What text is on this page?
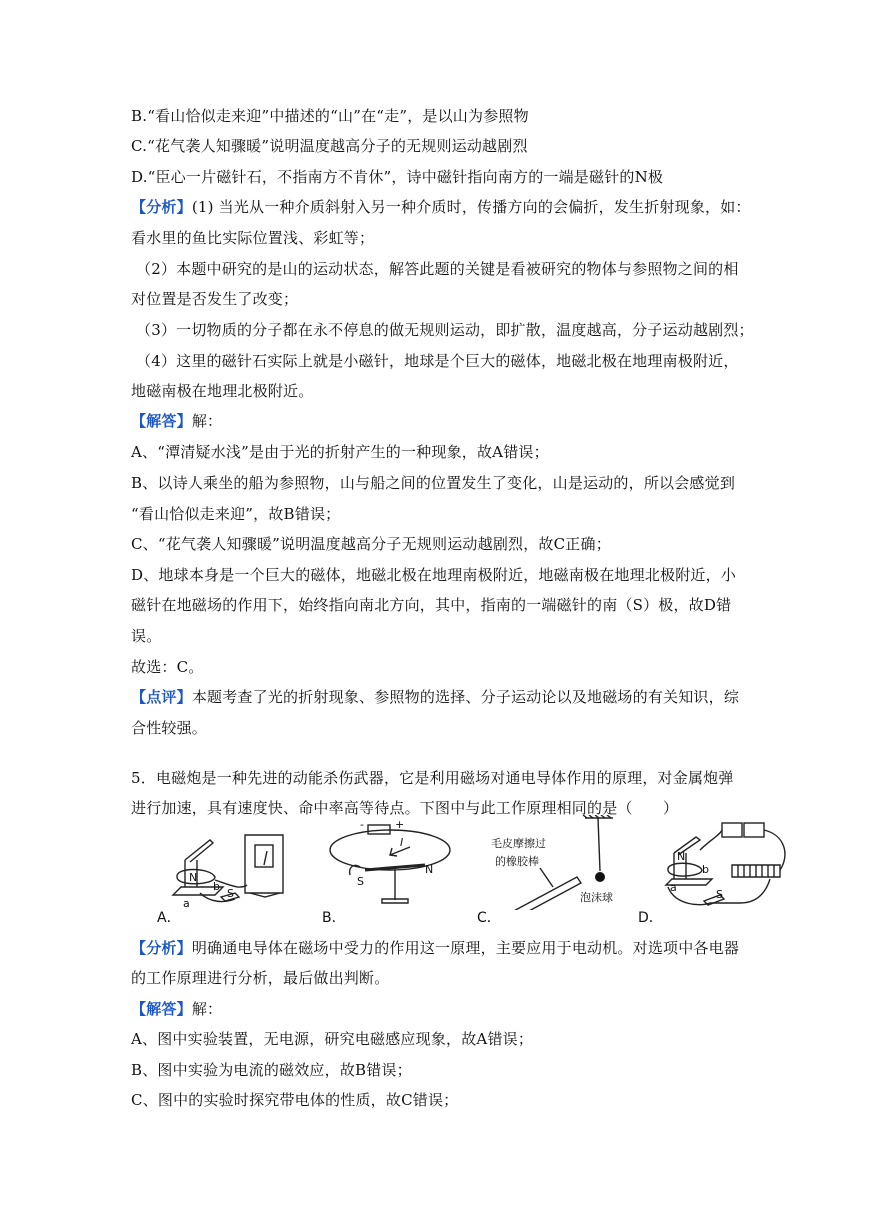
B.“看山恰似走来迎”中描述的“山”在“走”，是以山为参照物
C.“花气袭人知骤暖”说明温度越高分子的无规则运动越剧烈
D.“臣心一片磁针石，不指南方不肯休”，诗中磁针指向南方的一端是磁针的N极
【分析】(1) 当光从一种介质斜射入另一种介质时，传播方向的会偏折，发生折射现象，如：
看水里的鱼比实际位置浅、彩虹等；
（2）本题中研究的是山的运动状态，解答此题的关键是看被研究的物体与参照物之间的相
对位置是否发生了改变；
（3）一切物质的分子都在永不停息的做无规则运动，即扩散，温度越高，分子运动越剧烈；
（4）这里的磁针石实际上就是小磁针，地球是个巨大的磁体，地磁北极在地理南极附近，
地磁南极在地理北极附近。
【解答】解：
A、“潭清疑水浅”是由于光的折射产生的一种现象，故A错误；
B、以诗人乘坐的船为参照物，山与船之间的位置发生了变化，山是运动的，所以会感觉到
“看山恰似走来迎”，故B错误；
C、“花气袭人知骤暖”说明温度越高分子无规则运动越剧烈，故C正确；
D、地球本身是一个巨大的磁体，地磁北极在地理南极附近，地磁南极在地理北极附近，小
磁针在地磁场的作用下，始终指向南北方向，其中，指南的一端磁针的南（S）极，故D错
误。
故选：C。
【点评】本题考查了光的折射现象、参照物的选择、分子运动论以及地磁场的有关知识，综
合性较强。
5．电磁炮是一种先进的动能杀伤武器，它是利用磁场对通电导体作用的原理，对金属炮弹
进行加速，具有速度快、命中率高等待点。下图中与此工作原理相同的是（　　）
N
S
a
b
A．
+
-
I
N
S
B．
毛皮摩擦过
的橡胶棒
泡沫球
C．
N
S
a
b
D．
【分析】明确通电导体在磁场中受力的作用这一原理，主要应用于电动机。对选项中各电器
的工作原理进行分析，最后做出判断。
【解答】解：
A、图中实验装置，无电源，研究电磁感应现象，故A错误；
B、图中实验为电流的磁效应，故B错误；
C、图中的实验时探究带电体的性质，故C错误；
